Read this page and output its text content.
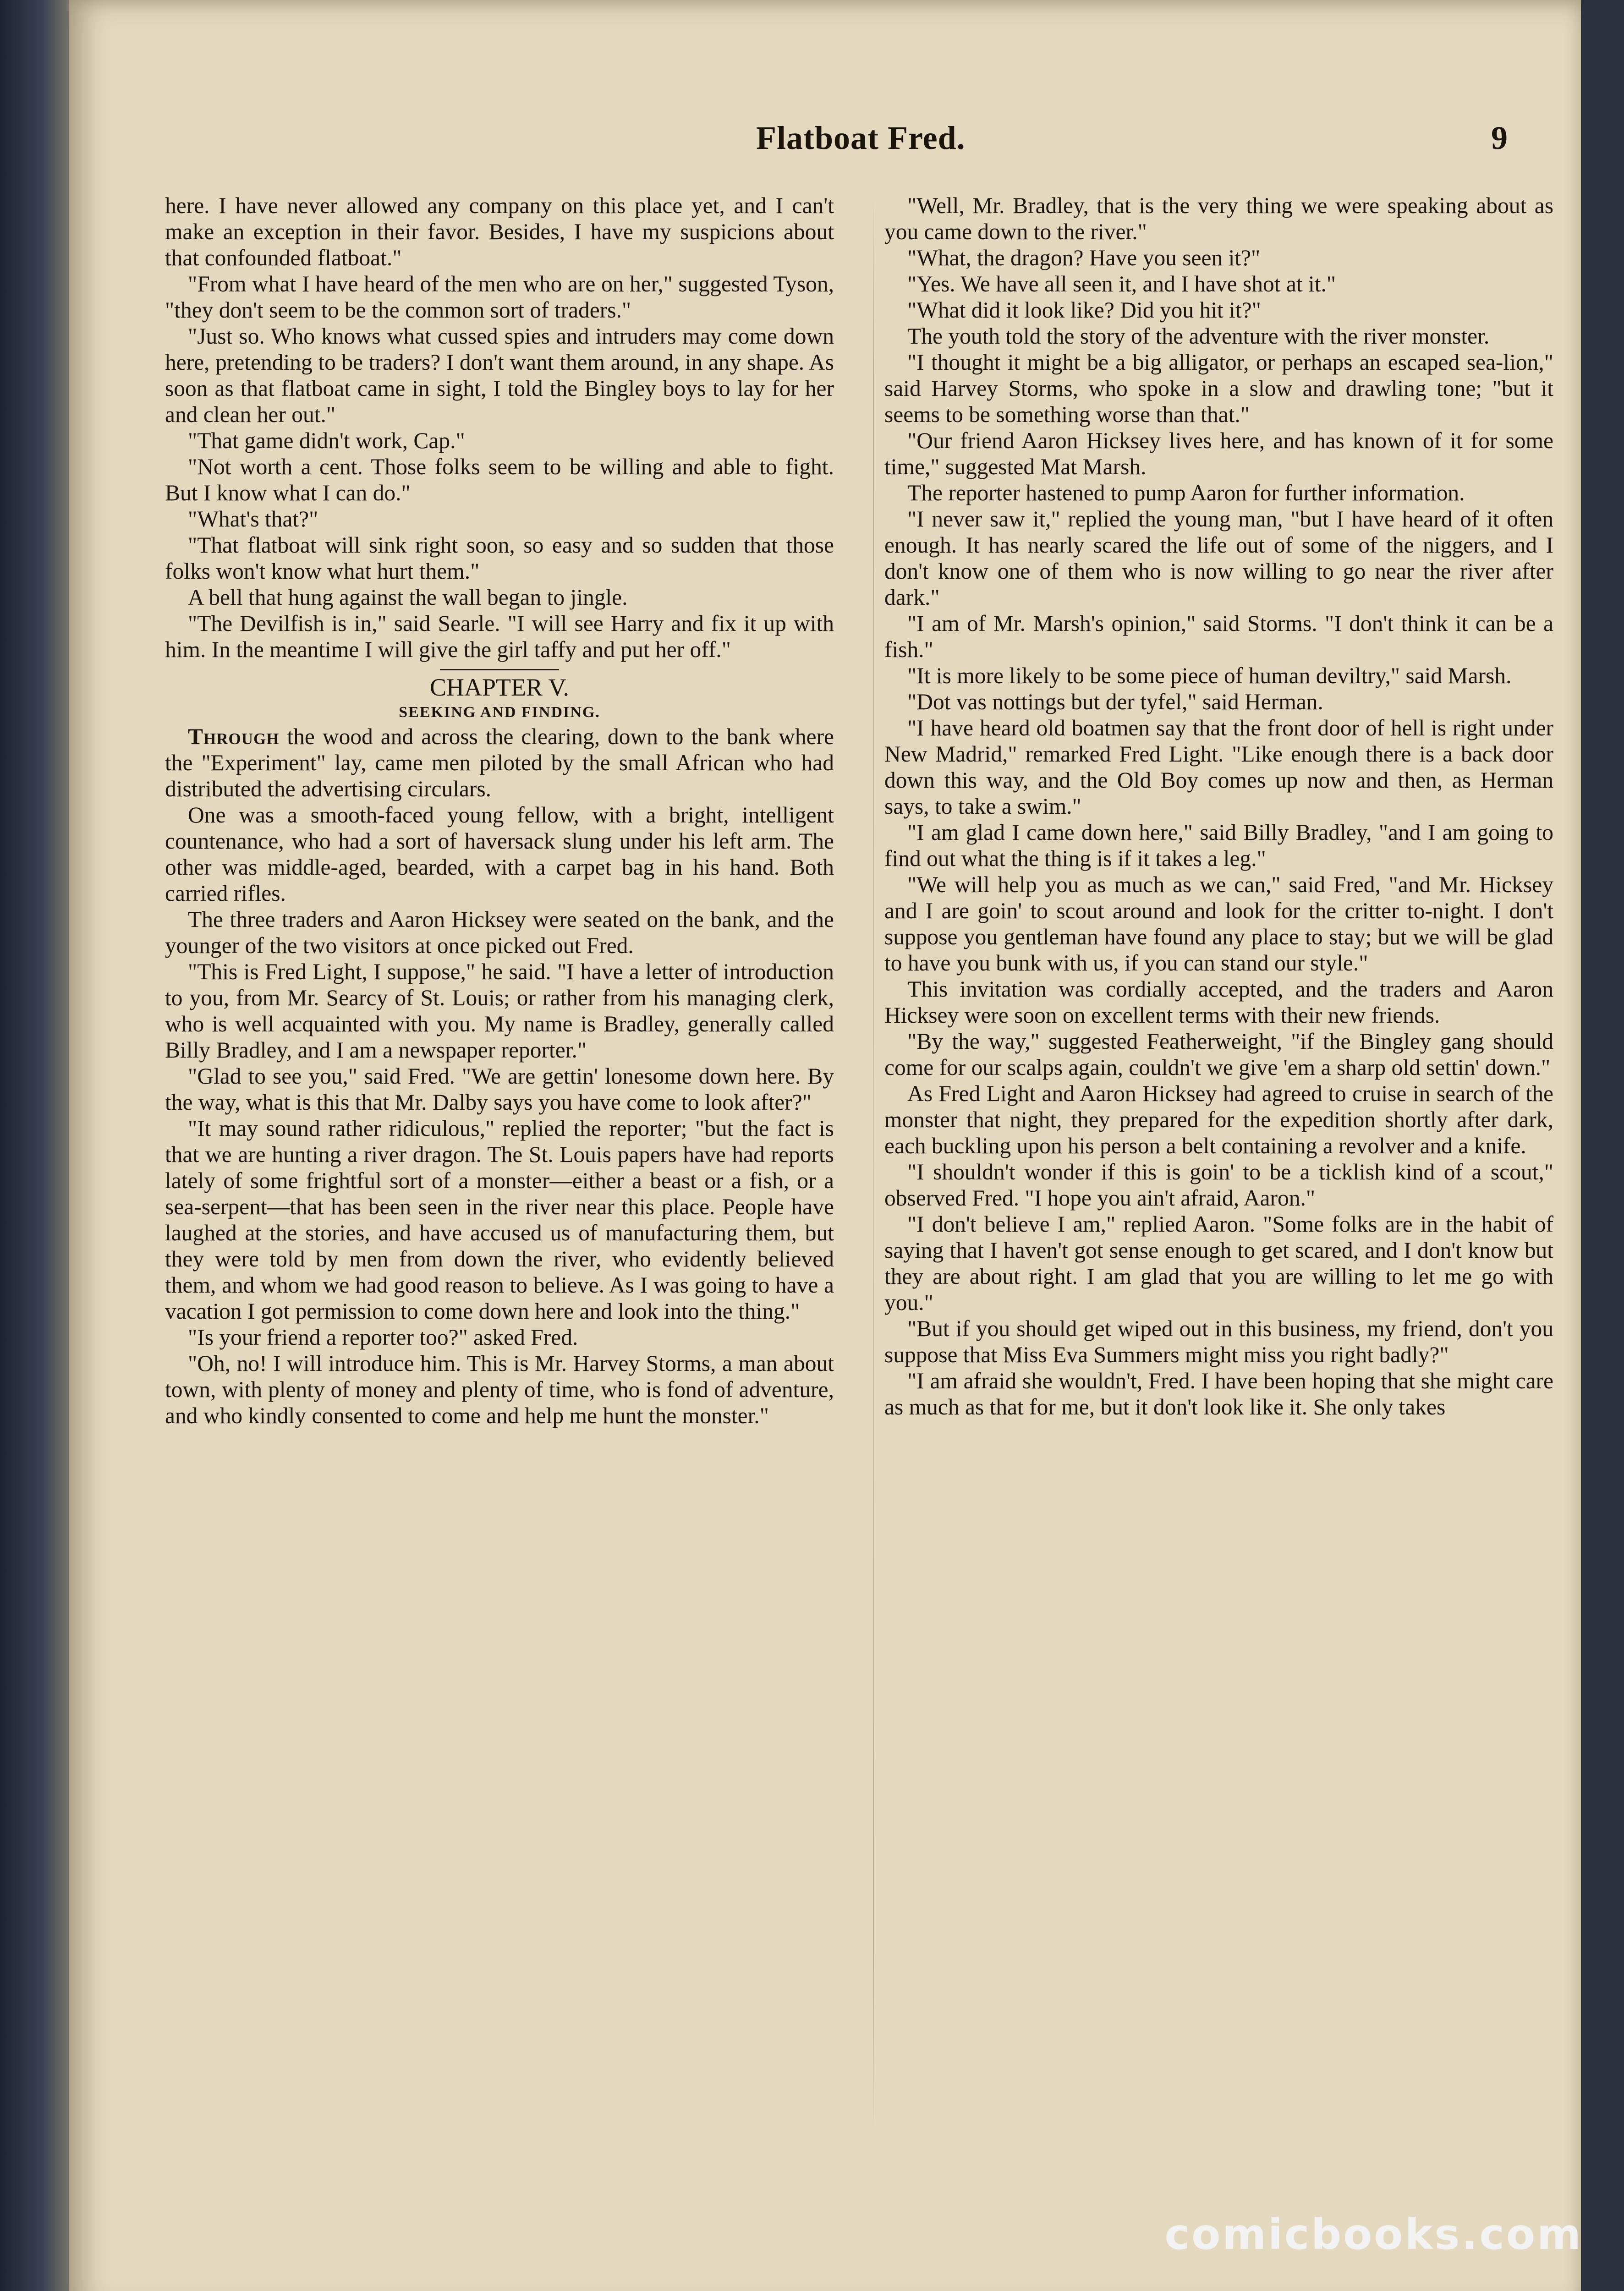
Flatboat Fred.	9

here. I have never allowed any company on this place yet, and I can't make an exception in their favor. Besides, I have my suspicions about that confounded flatboat."

"From what I have heard of the men who are on her," suggested Tyson, "they don't seem to be the common sort of traders."

"Just so. Who knows what cussed spies and intruders may come down here, pretending to be traders? I don't want them around, in any shape. As soon as that flatboat came in sight, I told the Bingley boys to lay for her and clean her out."

"That game didn't work, Cap."

"Not worth a cent. Those folks seem to be willing and able to fight. But I know what I can do."

"What's that?"

"That flatboat will sink right soon, so easy and so sudden that those folks won't know what hurt them."

A bell that hung against the wall began to jingle.

"The Devilfish is in," said Searle. "I will see Harry and fix it up with him. In the meantime I will give the girl taffy and put her off."

CHAPTER V.

SEEKING AND FINDING.

Through the wood and across the clearing, down to the bank where the "Experiment" lay, came men piloted by the small African who had distributed the advertising circulars.

One was a smooth-faced young fellow, with a bright, intelligent countenance, who had a sort of haversack slung under his left arm. The other was middle-aged, bearded, with a carpet bag in his hand. Both carried rifles.

The three traders and Aaron Hicksey were seated on the bank, and the younger of the two visitors at once picked out Fred.

"This is Fred Light, I suppose," he said. "I have a letter of introduction to you, from Mr. Searcy of St. Louis; or rather from his managing clerk, who is well acquainted with you. My name is Bradley, generally called Billy Bradley, and I am a newspaper reporter."

"Glad to see you," said Fred. "We are gettin' lonesome down here. By the way, what is this that Mr. Dalby says you have come to look after?"

"It may sound rather ridiculous," replied the reporter; "but the fact is that we are hunting a river dragon. The St. Louis papers have had reports lately of some frightful sort of a monster—either a beast or a fish, or a sea-serpent—that has been seen in the river near this place. People have laughed at the stories, and have accused us of manufacturing them, but they were told by men from down the river, who evidently believed them, and whom we had good reason to believe. As I was going to have a vacation I got permission to come down here and look into the thing."

"Is your friend a reporter too?" asked Fred.

"Oh, no! I will introduce him. This is Mr. Harvey Storms, a man about town, with plenty of money and plenty of time, who is fond of adventure, and who kindly consented to come and help me hunt the monster."

"Well, Mr. Bradley, that is the very thing we were speaking about as you came down to the river."

"What, the dragon? Have you seen it?"

"Yes. We have all seen it, and I have shot at it."

"What did it look like? Did you hit it?"

The youth told the story of the adventure with the river monster.

"I thought it might be a big alligator, or perhaps an escaped sea-lion," said Harvey Storms, who spoke in a slow and drawling tone; "but it seems to be something worse than that."

"Our friend Aaron Hicksey lives here, and has known of it for some time," suggested Mat Marsh.

The reporter hastened to pump Aaron for further information.

"I never saw it," replied the young man, "but I have heard of it often enough. It has nearly scared the life out of some of the niggers, and I don't know one of them who is now willing to go near the river after dark."

"I am of Mr. Marsh's opinion," said Storms. "I don't think it can be a fish."

"It is more likely to be some piece of human deviltry," said Marsh.

"Dot vas nottings but der tyfel," said Herman.

"I have heard old boatmen say that the front door of hell is right under New Madrid," remarked Fred Light. "Like enough there is a back door down this way, and the Old Boy comes up now and then, as Herman says, to take a swim."

"I am glad I came down here," said Billy Bradley, "and I am going to find out what the thing is if it takes a leg."

"We will help you as much as we can," said Fred, "and Mr. Hicksey and I are goin' to scout around and look for the critter to-night. I don't suppose you gentleman have found any place to stay; but we will be glad to have you bunk with us, if you can stand our style."

This invitation was cordially accepted, and the traders and Aaron Hicksey were soon on excellent terms with their new friends.

"By the way," suggested Featherweight, "if the Bingley gang should come for our scalps again, couldn't we give 'em a sharp old settin' down."

As Fred Light and Aaron Hicksey had agreed to cruise in search of the monster that night, they prepared for the expedition shortly after dark, each buckling upon his person a belt containing a revolver and a knife.

"I shouldn't wonder if this is goin' to be a ticklish kind of a scout," observed Fred. "I hope you ain't afraid, Aaron."

"I don't believe I am," replied Aaron. "Some folks are in the habit of saying that I haven't got sense enough to get scared, and I don't know but they are about right. I am glad that you are willing to let me go with you."

"But if you should get wiped out in this business, my friend, don't you suppose that Miss Eva Summers might miss you right badly?"

"I am afraid she wouldn't, Fred. I have been hoping that she might care as much as that for me, but it don't look like it. She only takes

comicbooks.com
